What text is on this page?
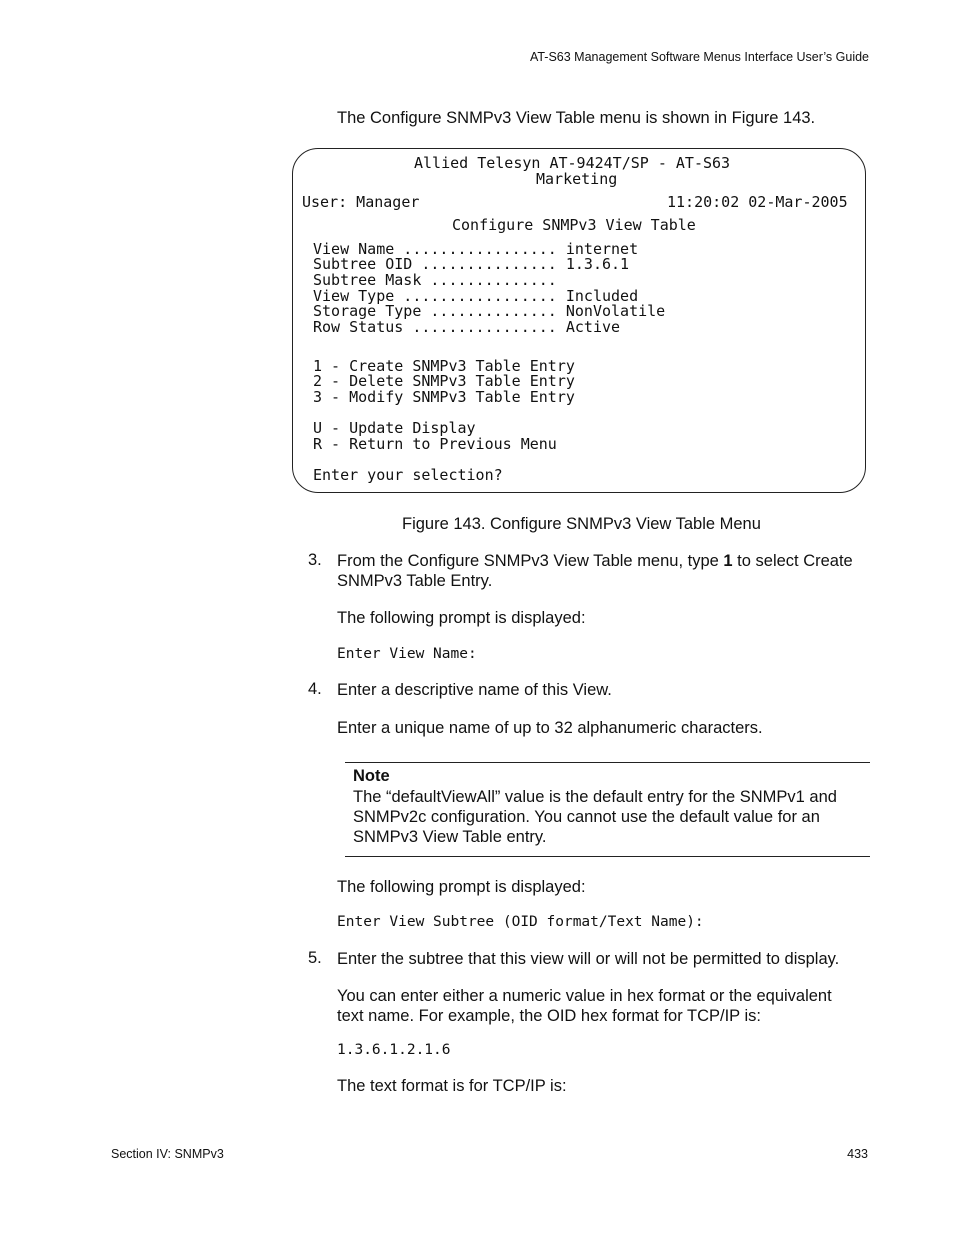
AT-S63 Management Software Menus Interface User’s Guide
The Configure SNMPv3 View Table menu is shown in Figure 143.
Allied Telesyn AT-9424T/SP - AT-S63
Marketing
User: Manager	11:20:02 02-Mar-2005
Configure SNMPv3 View Table
View Name ................. internet
Subtree OID ............... 1.3.6.1
Subtree Mask ..............
View Type ................. Included
Storage Type .............. NonVolatile
Row Status ................ Active
1 - Create SNMPv3 Table Entry
2 - Delete SNMPv3 Table Entry
3 - Modify SNMPv3 Table Entry
U - Update Display
R - Return to Previous Menu
Enter your selection?
Figure 143. Configure SNMPv3 View Table Menu
3. From the Configure SNMPv3 View Table menu, type 1 to select Create SNMPv3 Table Entry.
The following prompt is displayed:
Enter View Name:
4. Enter a descriptive name of this View.
Enter a unique name of up to 32 alphanumeric characters.
Note
The “defaultViewAll” value is the default entry for the SNMPv1 and SNMPv2c configuration. You cannot use the default value for an SNMPv3 View Table entry.
The following prompt is displayed:
Enter View Subtree (OID format/Text Name):
5. Enter the subtree that this view will or will not be permitted to display.
You can enter either a numeric value in hex format or the equivalent text name. For example, the OID hex format for TCP/IP is:
1.3.6.1.2.1.6
The text format is for TCP/IP is:
Section IV: SNMPv3	433
